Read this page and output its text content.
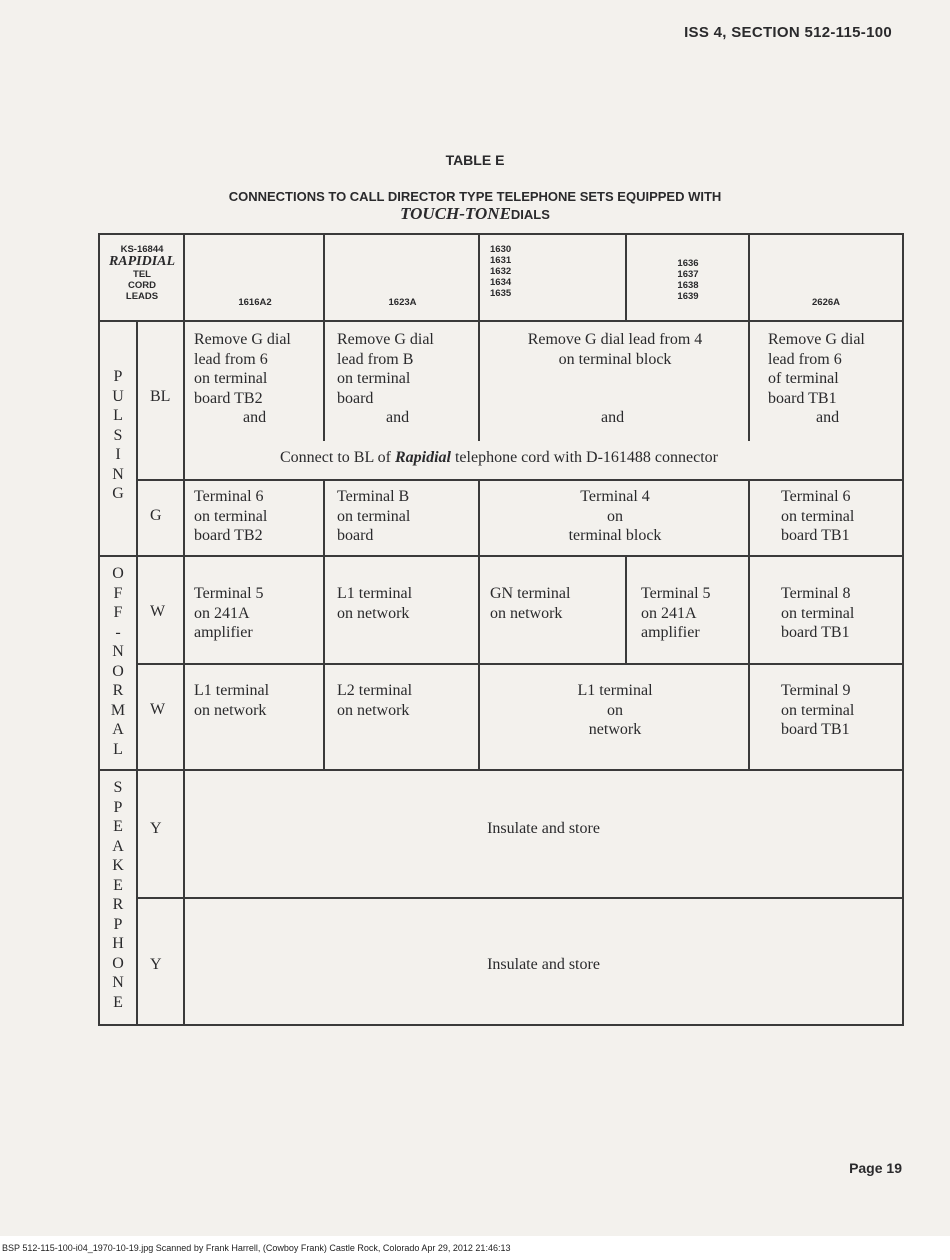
ISS 4, SECTION 512-115-100
TABLE E
CONNECTIONS TO CALL DIRECTOR TYPE TELEPHONE SETS EQUIPPED WITH
TOUCH-TONEDIALS
KS-16844
RAPIDIAL
TEL
CORD
LEADS
1616A2	1623A
1630
1631
1632
1634
1635
1636
1637
1638
1639
2626A
P
U
L
S
I
N
G
O
F
F
-
N
O
R
M
A
L
S
P
E
A
K
E
R
P
H
O
N
E
BL
G
W
W
Y
Y
Remove G dial
lead from 6
on terminal
board TB2
and
Remove G dial
lead from B
on terminal
board
and
Remove G dial lead from 4
on terminal block
and
Remove G dial
lead from 6
of terminal
board TB1
and
Connect to BL of Rapidial telephone cord with D-161488 connector
Terminal 6
on terminal
board TB2
Terminal B
on terminal
board
Terminal 4
on
terminal block
Terminal 6
on terminal
board TB1
Terminal 5
on 241A
amplifier
L1 terminal
on network
GN terminal
on network
Terminal 5
on 241A
amplifier
Terminal 8
on terminal
board TB1
L1 terminal
on network
L2 terminal
on network
L1 terminal
on
network
Terminal 9
on terminal
board TB1
Insulate and store
Insulate and store
Page 19
BSP 512-115-100-i04_1970-10-19.jpg Scanned by Frank Harrell, (Cowboy Frank) Castle Rock, Colorado Apr 29, 2012 21:46:13
